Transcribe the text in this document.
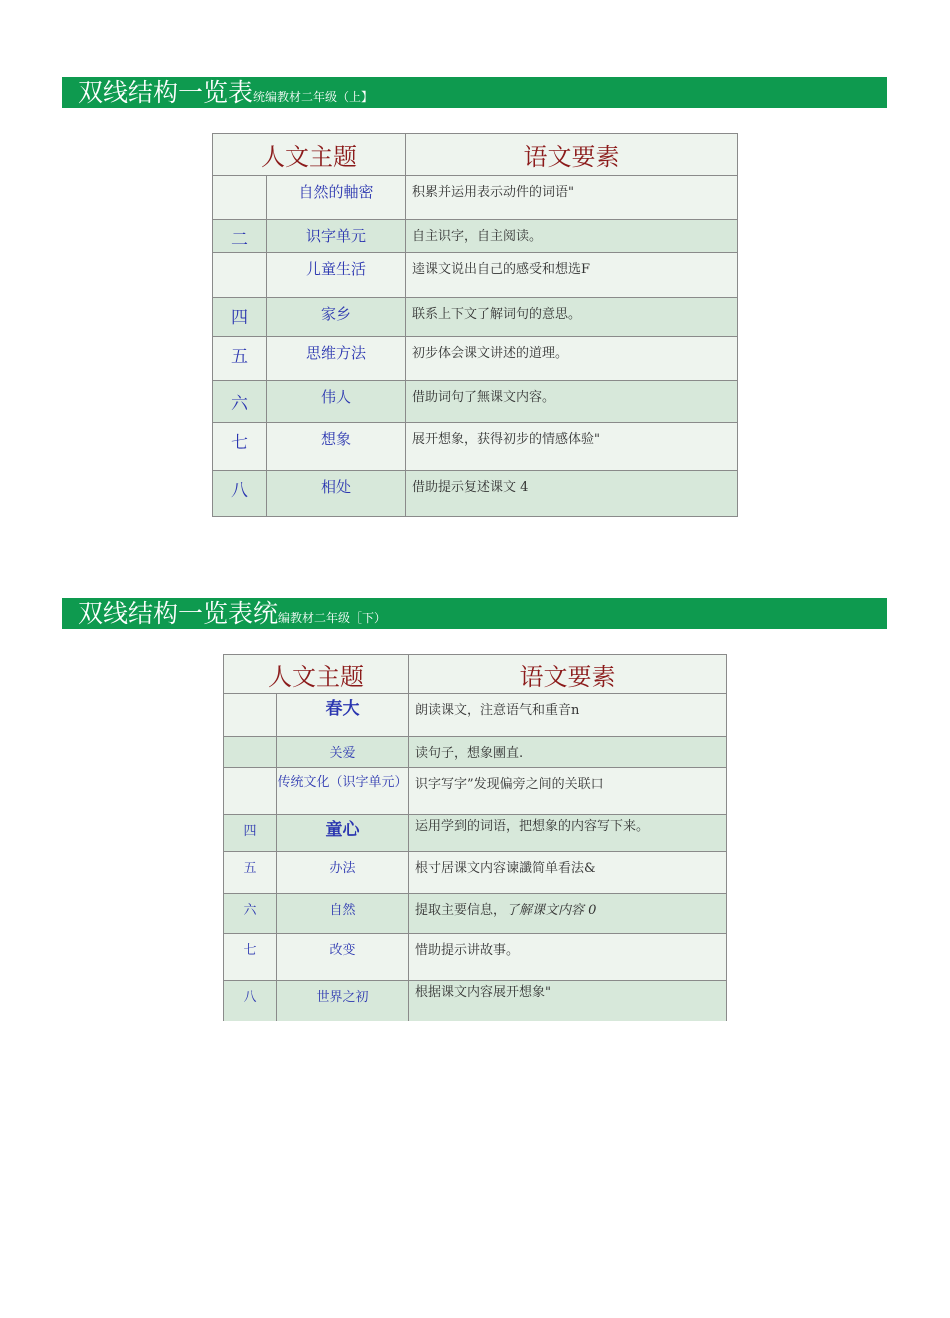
双线结构一览表统编教材二年级（上】
人文主题		语文要素
	自然的軸密	积累并运用表示动件的词语"
二	识字单元	自主识字，自主阅读。
	儿童生活	逵课文说出自己的感受和想选F
四	家乡	联系上下文了解词句的意思。
五	思维方法	初步体会课文讲述的道理。
六	伟人	借助词句了無课文内容。
七	想象	展开想象，获得初步的情感体验"
八	相处	借助提示复述课文 4
双线结构一览表统编教材二年级［下）
人文主题		语文要素
	春大	朗读课文，注意语气和重音n
	关爱	读句子，想象團直.
	传统文化（识字单元）	识字写字”发现偏旁之间的关联口
四	童心	运用学到的词语，把想象的内容写下来。
五	办法	根寸居课文内容谏讖简单看法&
六	自然	提取主要信息，了解课文内容 0
七	改变	惜助提示讲故事。
八	世界之初	根据课文内容展开想象"
